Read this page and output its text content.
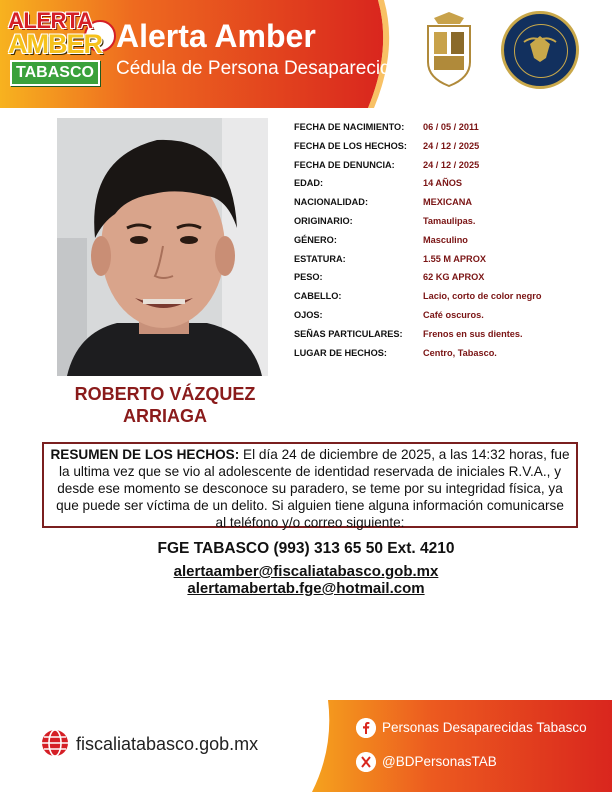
ALERTA
AMBER
TABASCO
Alerta Amber
Cédula de Persona Desaparecida
ROBERTO VÁZQUEZ
ARRIAGA
FECHA DE NACIMIENTO: 06 / 05 / 2011
FECHA DE LOS HECHOS: 24 / 12 / 2025
FECHA DE DENUNCIA:	24 / 12 / 2025
EDAD:	14 AÑOS
NACIONALIDAD:	MEXICANA
ORIGINARIO:	Tamaulipas.
GÉNERO:	Masculino
ESTATURA:	1.55 M APROX
PESO:	62 KG APROX
CABELLO:	Lacio, corto de color negro
OJOS:	Café oscuros.
SEÑAS PARTICULARES: Frenos en sus dientes.
LUGAR DE HECHOS:	Centro, Tabasco.
RESUMEN DE LOS HECHOS: El día 24 de diciembre de 2025, a las 14:32 horas, fue la ultima vez que se vio al adolescente de identidad reservada de iniciales R.V.A., y desde ese momento se desconoce su paradero, se teme por su integridad física, ya que puede ser víctima de un delito. Si alguien tiene alguna información comunicarse al teléfono y/o correo siguiente:
FGE TABASCO (993) 313 65 50 Ext. 4210
alertaamber@fiscaliatabasco.gob.mx
alertamabertab.fge@hotmail.com
fiscaliatabasco.gob.mx
Personas Desaparecidas Tabasco
@BDPersonasTAB
